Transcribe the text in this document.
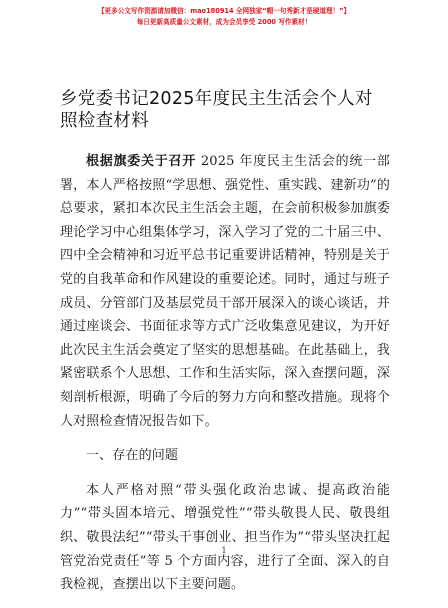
【更多公文写作资源请加微信：mao180914 全网独家“帽一句秀新才是硬道理！”】
每日更新高质量公文素材，成为会员享受 2000 写作素材！
乡党委书记2025年度民主生活会个人对照检查材料

根据旗委关于召开 2025 年度民主生活会的统一部署，本人严格按照“学思想、强党性、重实践、建新功”的总要求，紧扣本次民主生活会主题，在会前积极参加旗委理论学习中心组集体学习，深入学习了党的二十届三中、四中全会精神和习近平总书记重要讲话精神，特别是关于党的自我革命和作风建设的重要论述。同时，通过与班子成员、分管部门及基层党员干部开展深入的谈心谈话，并通过座谈会、书面征求等方式广泛收集意见建议，为开好此次民主生活会奠定了坚实的思想基础。在此基础上，我紧密联系个人思想、工作和生活实际，深入查摆问题，深刻剖析根源，明确了今后的努力方向和整改措施。现将个人对照检查情况报告如下。

一、存在的问题

本人严格对照“带头强化政治忠诚、提高政治能力”“带头固本培元、增强党性”“带头敬畏人民、敬畏组织、敬畏法纪”“带头干事创业、担当作为”“带头坚决扛起管党治党责任”等 5 个方面内容，进行了全面、深入的自我检视，查摆出以下主要问题。

1
